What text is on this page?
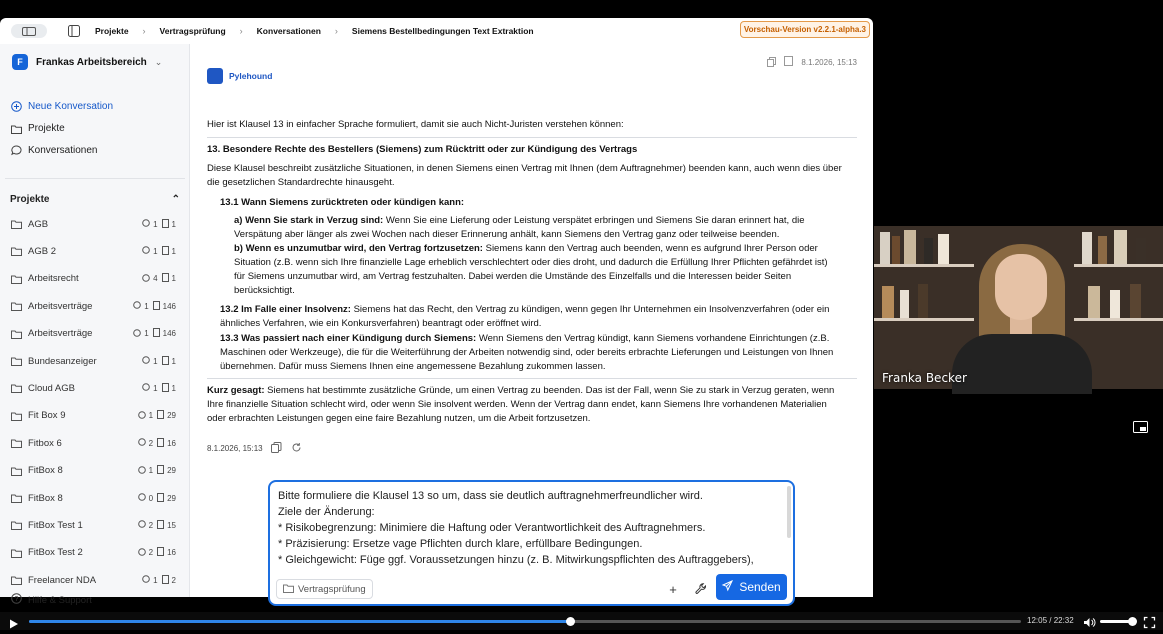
Projekte › Vertragsprüfung › Konversationen › Siemens Bestellbedingungen Text Extraktion	Vorschau-Version v2.2.1-alpha.3
F	Frankas Arbeitsbereich ⌄
Neue Konversation
Projekte
Konversationen
Projekte	⌃
AGB	1 1
AGB 2	1 1
Arbeitsrecht	4 1
Arbeitsverträge	1 146
Arbeitsverträge	1 146
Bundesanzeiger	1 1
Cloud AGB	1 1
Fit Box 9	1 29
Fitbox 6	2 16
FitBox 8	1 29
FitBox 8	0 29
FitBox Test 1	2 15
FitBox Test 2	2 16
Freelancer NDA	1 2
? Hilfe & Support
8.1.2026, 15:13
Pylehound
Hier ist Klausel 13 in einfacher Sprache formuliert, damit sie auch Nicht-Juristen verstehen können:
13. Besondere Rechte des Bestellers (Siemens) zum Rücktritt oder zur Kündigung des Vertrags
Diese Klausel beschreibt zusätzliche Situationen, in denen Siemens einen Vertrag mit Ihnen (dem Auftragnehmer) beenden kann, auch wenn dies über die gesetzlichen Standardrechte hinausgeht.
13.1 Wann Siemens zurücktreten oder kündigen kann:
a) Wenn Sie stark in Verzug sind: Wenn Sie eine Lieferung oder Leistung verspätet erbringen und Siemens Sie daran erinnert hat, die
Verspätung aber länger als zwei Wochen nach dieser Erinnerung anhält, kann Siemens den Vertrag ganz oder teilweise beenden.
b) Wenn es unzumutbar wird, den Vertrag fortzusetzen: Siemens kann den Vertrag auch beenden, wenn es aufgrund Ihrer Person oder
Situation (z.B. wenn sich Ihre finanzielle Lage erheblich verschlechtert oder dies droht, und dadurch die Erfüllung Ihrer Pflichten gefährdet ist)
für Siemens unzumutbar wird, am Vertrag festzuhalten. Dabei werden die Umstände des Einzelfalls und die Interessen beider Seiten
berücksichtigt.
13.2 Im Falle einer Insolvenz: Siemens hat das Recht, den Vertrag zu kündigen, wenn gegen Ihr Unternehmen ein Insolvenzverfahren (oder ein
ähnliches Verfahren, wie ein Konkursverfahren) beantragt oder eröffnet wird.
13.3 Was passiert nach einer Kündigung durch Siemens: Wenn Siemens den Vertrag kündigt, kann Siemens vorhandene Einrichtungen (z.B.
Maschinen oder Werkzeuge), die für die Weiterführung der Arbeiten notwendig sind, oder bereits erbrachte Lieferungen und Leistungen von Ihnen
übernehmen. Dafür muss Siemens Ihnen eine angemessene Bezahlung zukommen lassen.
Kurz gesagt: Siemens hat bestimmte zusätzliche Gründe, um einen Vertrag zu beenden. Das ist der Fall, wenn Sie zu stark in Verzug geraten, wenn
Ihre finanzielle Situation schlecht wird, oder wenn Sie insolvent werden. Wenn der Vertrag dann endet, kann Siemens Ihre vorhandenen Materialien
oder erbrachten Leistungen gegen eine faire Bezahlung nutzen, um die Arbeit fortzusetzen.
8.1.2026, 15:13
Bitte formuliere die Klausel 13 so um, dass sie deutlich auftragnehmerfreundlicher wird.
Ziele der Änderung:
* Risikobegrenzung: Minimiere die Haftung oder Verantwortlichkeit des Auftragnehmers.
* Präzisierung: Ersetze vage Pflichten durch klare, erfüllbare Bedingungen.
* Gleichgewicht: Füge ggf. Voraussetzungen hinzu (z. B. Mitwirkungspflichten des Auftraggebers),
Vertragsprüfung	+	Senden
Franka Becker
12:05 / 22:32
